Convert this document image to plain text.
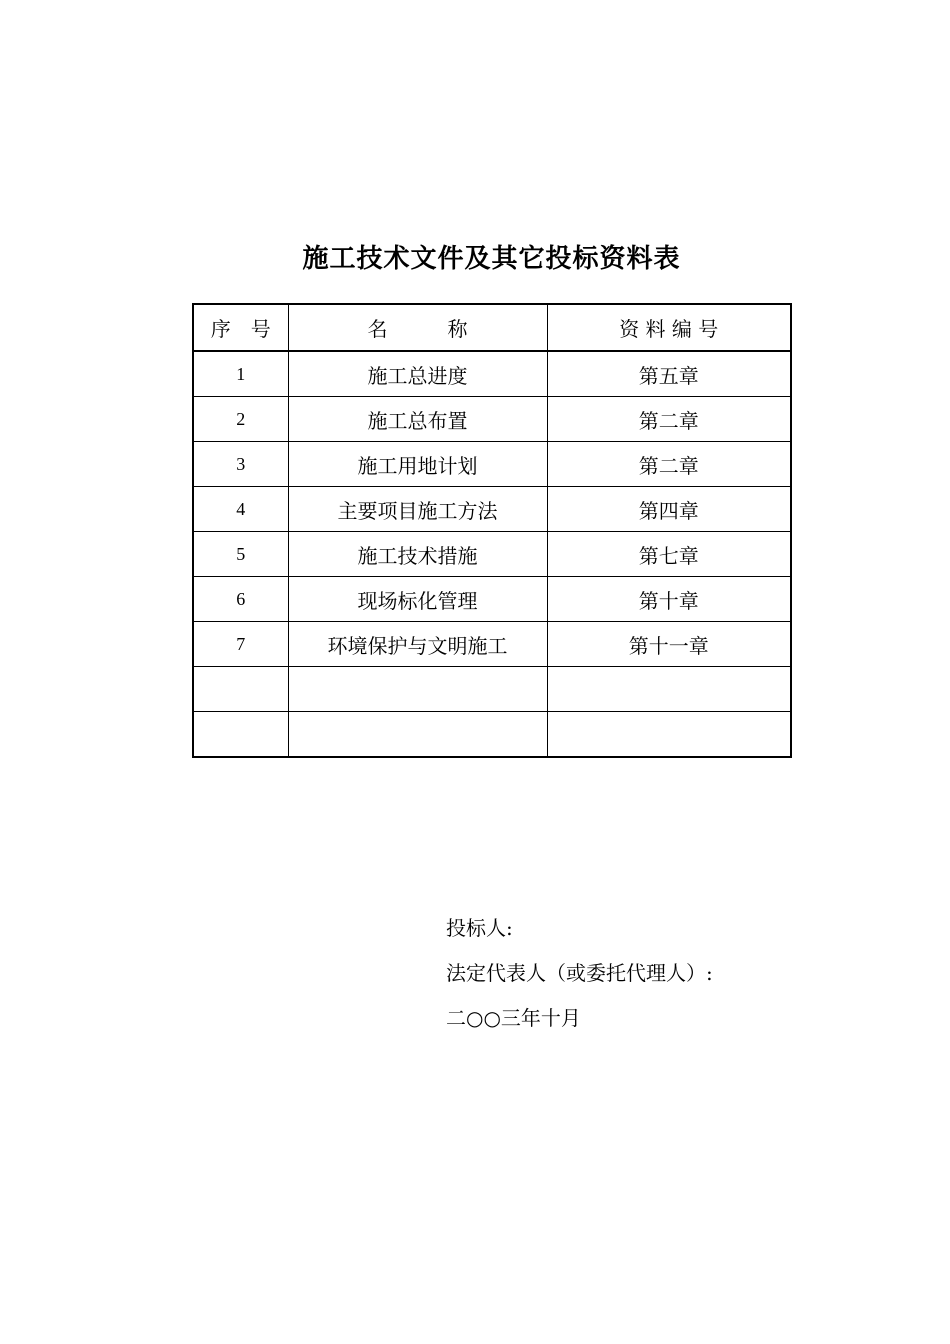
施工技术文件及其它投标资料表
序　号	名　　　称	资 料 编 号
1	施工总进度	第五章
2	施工总布置	第二章
3	施工用地计划	第二章
4	主要项目施工方法	第四章
5	施工技术措施	第七章
6	现场标化管理	第十章
7	环境保护与文明施工	第十一章

投标人:
法定代表人（或委托代理人）:
二○○三年十月
